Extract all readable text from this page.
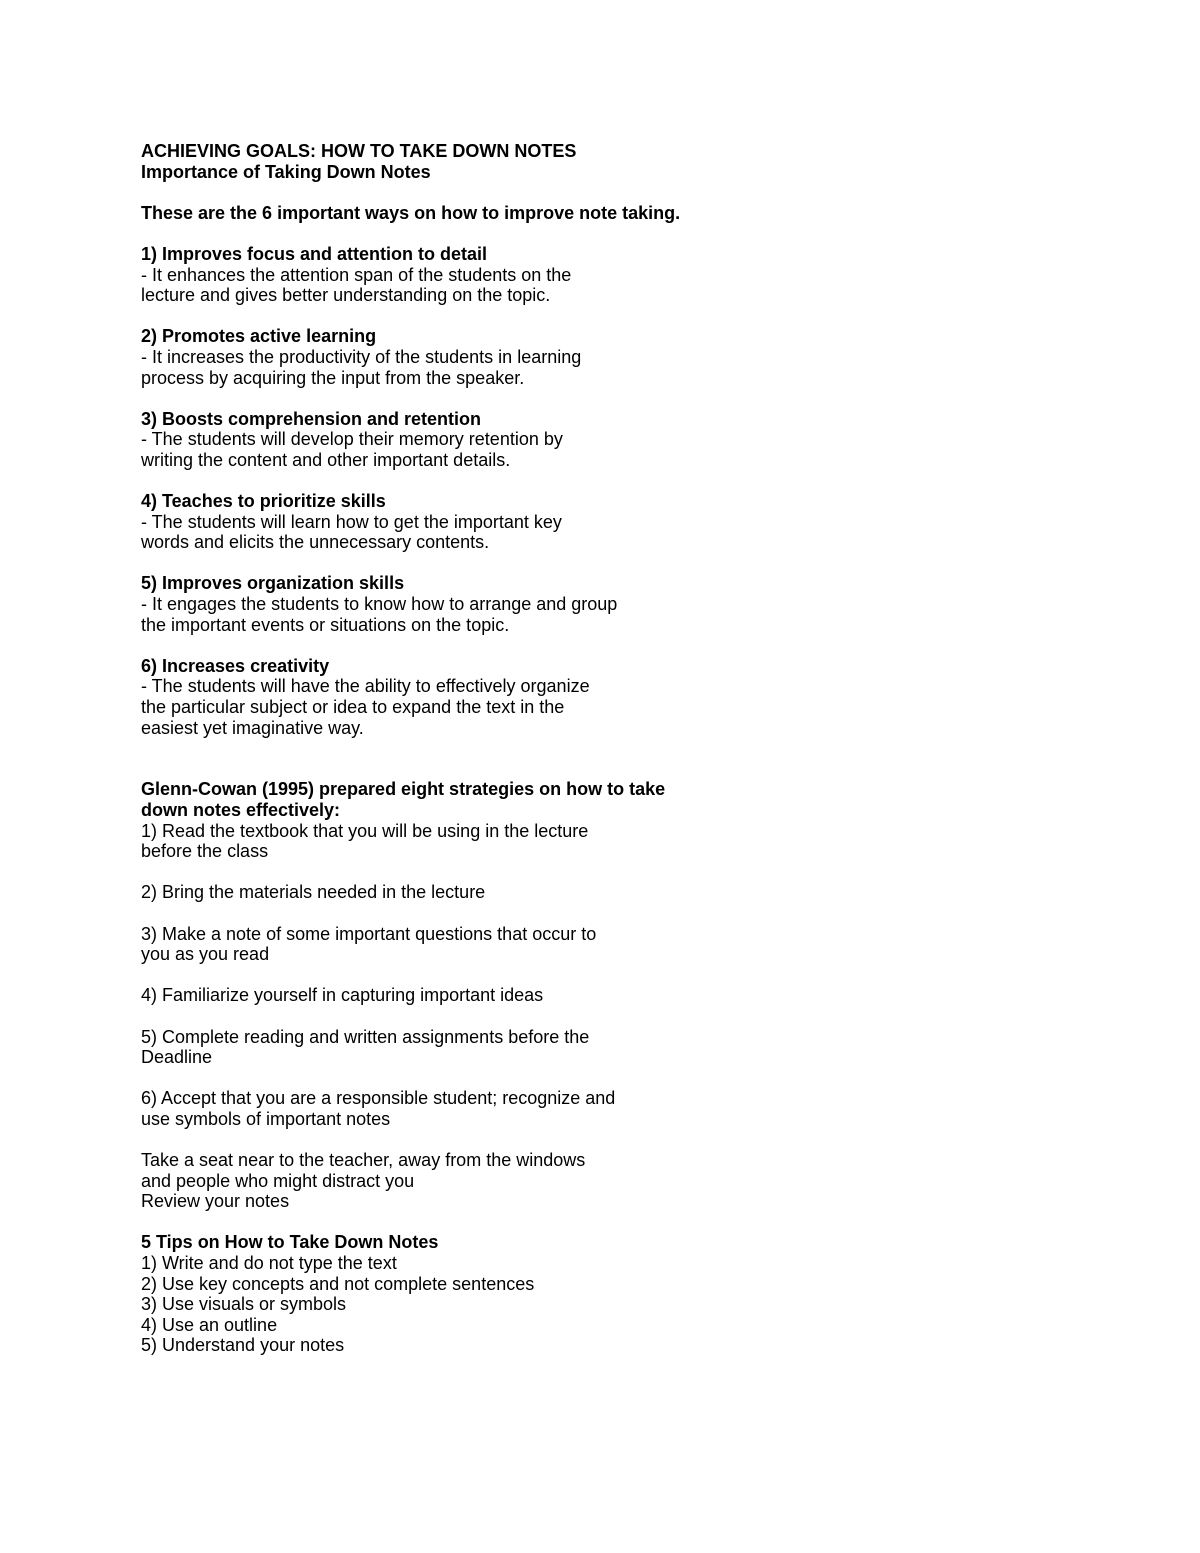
ACHIEVING GOALS: HOW TO TAKE DOWN NOTES
Importance of Taking Down Notes
These are the 6 important ways on how to improve note taking.
1) Improves focus and attention to detail
- It enhances the attention span of the students on the
lecture and gives better understanding on the topic.
2) Promotes active learning
- It increases the productivity of the students in learning
process by acquiring the input from the speaker.
3) Boosts comprehension and retention
- The students will develop their memory retention by
writing the content and other important details.
4) Teaches to prioritize skills
- The students will learn how to get the important key
words and elicits the unnecessary contents.
5) Improves organization skills
- It engages the students to know how to arrange and group
the important events or situations on the topic.
6) Increases creativity
- The students will have the ability to effectively organize
the particular subject or idea to expand the text in the
easiest yet imaginative way.
Glenn-Cowan (1995) prepared eight strategies on how to take
down notes effectively:
1) Read the textbook that you will be using in the lecture
before the class
2) Bring the materials needed in the lecture
3) Make a note of some important questions that occur to
you as you read
4) Familiarize yourself in capturing important ideas
5) Complete reading and written assignments before the
Deadline
6) Accept that you are a responsible student; recognize and
use symbols of important notes
Take a seat near to the teacher, away from the windows
and people who might distract you
Review your notes
5 Tips on How to Take Down Notes
1) Write and do not type the text
2) Use key concepts and not complete sentences
3) Use visuals or symbols
4) Use an outline
5) Understand your notes
